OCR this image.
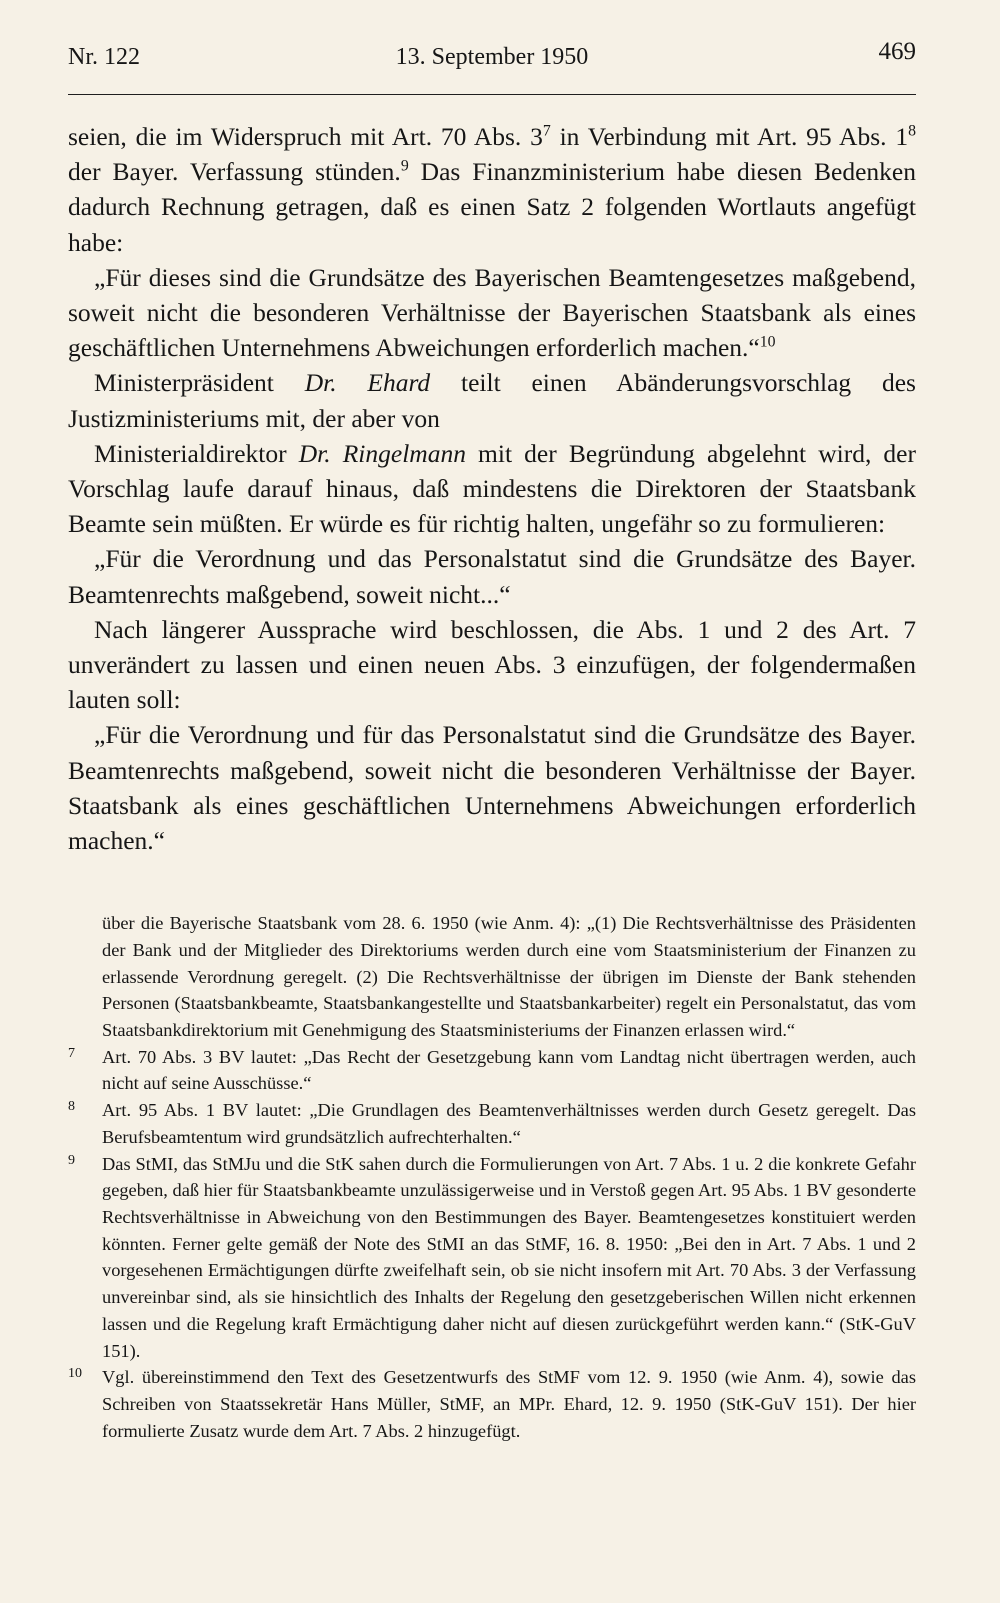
Nr. 122	13. September 1950	469

seien, die im Widerspruch mit Art. 70 Abs. $3^7$ in Verbindung mit Art. 95 Abs. $1^8$ der Bayer. Verfassung stünden.$^9$ Das Finanzministerium habe diesen Bedenken dadurch Rechnung getragen, daß es einen Satz 2 folgenden Wortlauts angefügt habe:

„Für dieses sind die Grundsätze des Bayerischen Beamtengesetzes maßgebend, soweit nicht die besonderen Verhältnisse der Bayerischen Staatsbank als eines geschäftlichen Unternehmens Abweichungen erforderlich machen.“$^{10}$

Ministerpräsident Dr. Ehard teilt einen Abänderungsvorschlag des Justizministeriums mit, der aber von

Ministerialdirektor Dr. Ringelmann mit der Begründung abgelehnt wird, der Vorschlag laufe darauf hinaus, daß mindestens die Direktoren der Staatsbank Beamte sein müßten. Er würde es für richtig halten, ungefähr so zu formulieren:

„Für die Verordnung und das Personalstatut sind die Grundsätze des Bayer. Beamtenrechts maßgebend, soweit nicht...“

Nach längerer Aussprache wird beschlossen, die Abs. 1 und 2 des Art. 7 unverändert zu lassen und einen neuen Abs. 3 einzufügen, der folgendermaßen lauten soll:

„Für die Verordnung und für das Personalstatut sind die Grundsätze des Bayer. Beamtenrechts maßgebend, soweit nicht die besonderen Verhältnisse der Bayer. Staatsbank als eines geschäftlichen Unternehmens Abweichungen erforderlich machen.“

über die Bayerische Staatsbank vom 28. 6. 1950 (wie Anm. 4): „(1) Die Rechtsverhältnisse des Präsidenten der Bank und der Mitglieder des Direktoriums werden durch eine vom Staatsministerium der Finanzen zu erlassende Verordnung geregelt. (2) Die Rechtsverhältnisse der übrigen im Dienste der Bank stehenden Personen (Staatsbankbeamte, Staatsbankangestellte und Staatsbankarbeiter) regelt ein Personalstatut, das vom Staatsbankdirektorium mit Genehmigung des Staatsministeriums der Finanzen erlassen wird.“

7 Art. 70 Abs. 3 BV lautet: „Das Recht der Gesetzgebung kann vom Landtag nicht übertragen werden, auch nicht auf seine Ausschüsse.“

8 Art. 95 Abs. 1 BV lautet: „Die Grundlagen des Beamtenverhältnisses werden durch Gesetz geregelt. Das Berufsbeamtentum wird grundsätzlich aufrechterhalten.“

9 Das StMI, das StMJu und die StK sahen durch die Formulierungen von Art. 7 Abs. 1 u. 2 die konkrete Gefahr gegeben, daß hier für Staatsbankbeamte unzulässigerweise und in Verstoß gegen Art. 95 Abs. 1 BV gesonderte Rechtsverhältnisse in Abweichung von den Bestimmungen des Bayer. Beamtengesetzes konstituiert werden könnten. Ferner gelte gemäß der Note des StMI an das StMF, 16. 8. 1950: „Bei den in Art. 7 Abs. 1 und 2 vorgesehenen Ermächtigungen dürfte zweifelhaft sein, ob sie nicht insofern mit Art. 70 Abs. 3 der Verfassung unvereinbar sind, als sie hinsichtlich des Inhalts der Regelung den gesetzgeberischen Willen nicht erkennen lassen und die Regelung kraft Ermächtigung daher nicht auf diesen zurückgeführt werden kann.“ (StK-GuV 151).

10 Vgl. übereinstimmend den Text des Gesetzentwurfs des StMF vom 12. 9. 1950 (wie Anm. 4), sowie das Schreiben von Staatssekretär Hans Müller, StMF, an MPr. Ehard, 12. 9. 1950 (StK-GuV 151). Der hier formulierte Zusatz wurde dem Art. 7 Abs. 2 hinzugefügt.
